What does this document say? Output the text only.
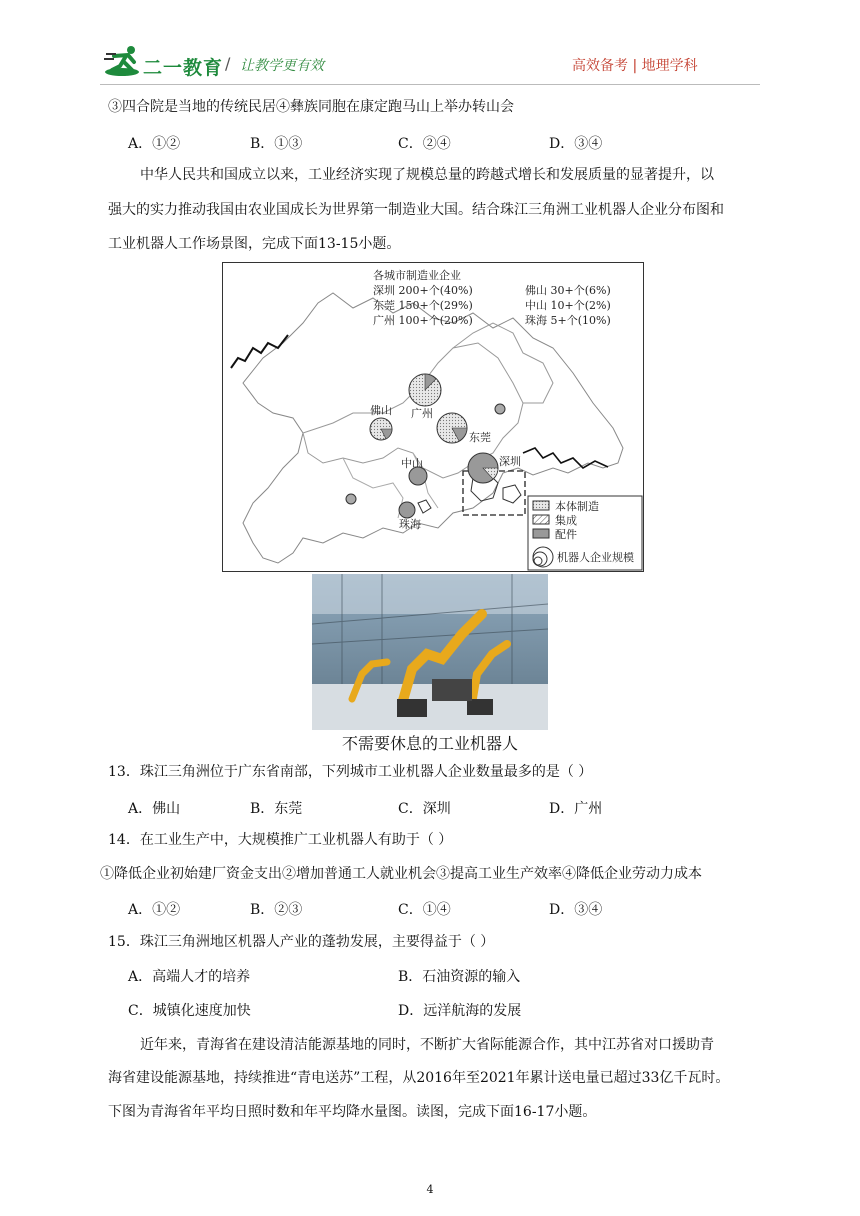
二一教育 / 让教学更有效	高效备考 | 地理学科

③四合院是当地的传统民居④彝族同胞在康定跑马山上举办转山会

A．①②	B．①③	C．②④	D．③④

中华人民共和国成立以来，工业经济实现了规模总量的跨越式增长和发展质量的显著提升，以

强大的实力推动我国由农业国成长为世界第一制造业大国。结合珠江三角洲工业机器人企业分布图和

工业机器人工作场景图，完成下面13-15小题。

各城市制造业企业
深圳 200+个(40%)
东莞 150+个(29%)
广州 100+个(20%)
佛山 30+个(6%)
中山 10+个(2%)
珠海 5+个(10%)
佛山 广州
东莞
中山	深圳
珠海
本体制造
集成
配件
机器人企业规模
不需要休息的工业机器人

13．珠江三角洲位于广东省南部，下列城市工业机器人企业数量最多的是（ ）

A．佛山	B．东莞	C．深圳	D．广州

14．在工业生产中，大规模推广工业机器人有助于（ ）

①降低企业初始建厂资金支出②增加普通工人就业机会③提高工业生产效率④降低企业劳动力成本

A．①②	B．②③	C．①④	D．③④

15．珠江三角洲地区机器人产业的蓬勃发展，主要得益于（ ）

A．高端人才的培养	B．石油资源的输入
C．城镇化速度加快	D．远洋航海的发展

近年来，青海省在建设清洁能源基地的同时，不断扩大省际能源合作，其中江苏省对口援助青

海省建设能源基地，持续推进“青电送苏”工程，从2016年至2021年累计送电量已超过33亿千瓦时。

下图为青海省年平均日照时数和年平均降水量图。读图，完成下面16-17小题。

4
